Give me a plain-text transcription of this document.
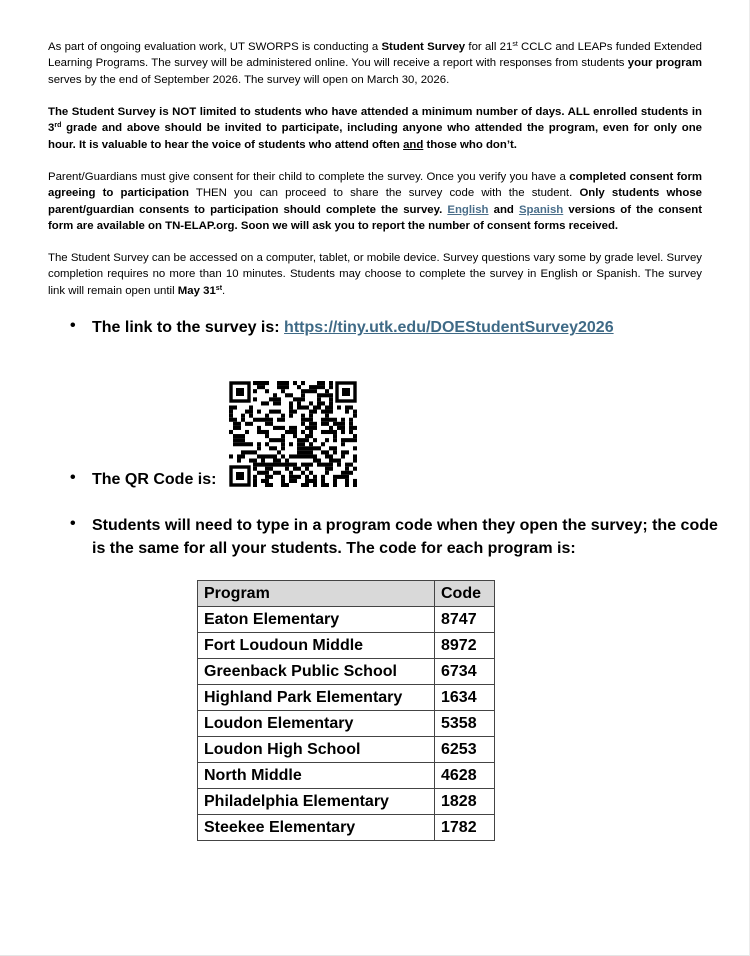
As part of ongoing evaluation work, UT SWORPS is conducting a Student Survey for all 21st CCLC and LEAPs funded Extended Learning Programs. The survey will be administered online. You will receive a report with responses from students your program serves by the end of September 2026. The survey will open on March 30, 2026.

The Student Survey is NOT limited to students who have attended a minimum number of days. ALL enrolled students in 3rd grade and above should be invited to participate, including anyone who attended the program, even for only one hour. It is valuable to hear the voice of students who attend often and those who don’t.

Parent/Guardians must give consent for their child to complete the survey. Once you verify you have a completed consent form agreeing to participation THEN you can proceed to share the survey code with the student. Only students whose parent/guardian consents to participation should complete the survey. English and Spanish versions of the consent form are available on TN-ELAP.org. Soon we will ask you to report the number of consent forms received.

The Student Survey can be accessed on a computer, tablet, or mobile device. Survey questions vary some by grade level. Survey completion requires no more than 10 minutes. Students may choose to complete the survey in English or Spanish. The survey link will remain open until May 31st.

•	The link to the survey is: https://tiny.utk.edu/DOEStudentSurvey2026
•	The QR Code is:
•	Students will need to type in a program code when they open the survey; the code
is the same for all your students. The code for each program is:
Program	Code
Eaton Elementary	8747
Fort Loudoun Middle	8972
Greenback Public School	6734
Highland Park Elementary	1634
Loudon Elementary	5358
Loudon High School	6253
North Middle	4628
Philadelphia Elementary	1828
Steekee Elementary	1782
